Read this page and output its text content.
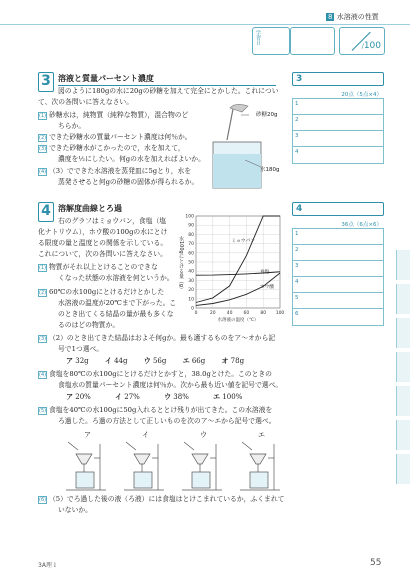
8 水溶液の性質
学習日
/100
3 溶液と質量パーセント濃度
図のように180gの水に20gの砂糖を加えて完全にとかした。これについ
て、次の各問いに答えなさい。
(1) 砂糖水は，純物質（純粋な物質），混合物のど
ちらか。
(2) できた砂糖水の質量パーセント濃度は何％か。
(3) できた砂糖水がこかったので，水を加えて，
濃度を½にしたい。何gの水を加えればよいか。
(4) （3）でできた水溶液を蒸発皿に5gとり，水を
蒸発させると何gの砂糖の固体が得られるか。
砂糖20g
水180g
4 溶解度曲線とろ過
右のグラフはミョウバン，食塩（塩
化ナトリウム），ホウ酸の100gの水にとけ
る限度の量と温度との関係を示している。
これについて，次の各問いに答えなさい。
(1) 物質がそれ以上とけることのできな
くなった状態の水溶液を何というか。
(2) 60℃の水100gにとけるだけとかした
水溶液の温度が20℃まで下がった。こ
のとき出てくる結晶の量が最も多くな
るのはどの物質か。
0
10
20
30
40
50
60
70
80
90
100
0	20 40 60 80 100
水溶液の温度（℃）
ミョウバン
食塩
ホウ酸
水100gにとける量（g）
(3) （2）のとき出てきた結晶はおよそ何gか。最も適するものをア〜オから記
号で1つ選べ。
ア 32g イ 44g ウ 56g エ 66g オ 78g
(4) 食塩を80℃の水100gにとけるだけとかすと，38.0gとけた。このときの
食塩水の質量パーセント濃度は何％か。次から最も近い値を記号で選べ。
ア 20%	イ 27%	ウ 38%	エ 100%
(5) 食塩を40℃の水100gに50g入れるととけ残りが出てきた。この水溶液を
ろ過した。ろ過の方法として正しいものを次のア〜エから記号で選べ。
ア	イ	ウ	エ
(6) （5）でろ過した後の液（ろ液）には食塩はとけこまれているか，ふくまれて
いないか。
3
20点（5点×4）
1
2
3
4
4
36点（6点×6）
1
2
3
4
5
6
3A理１	55
